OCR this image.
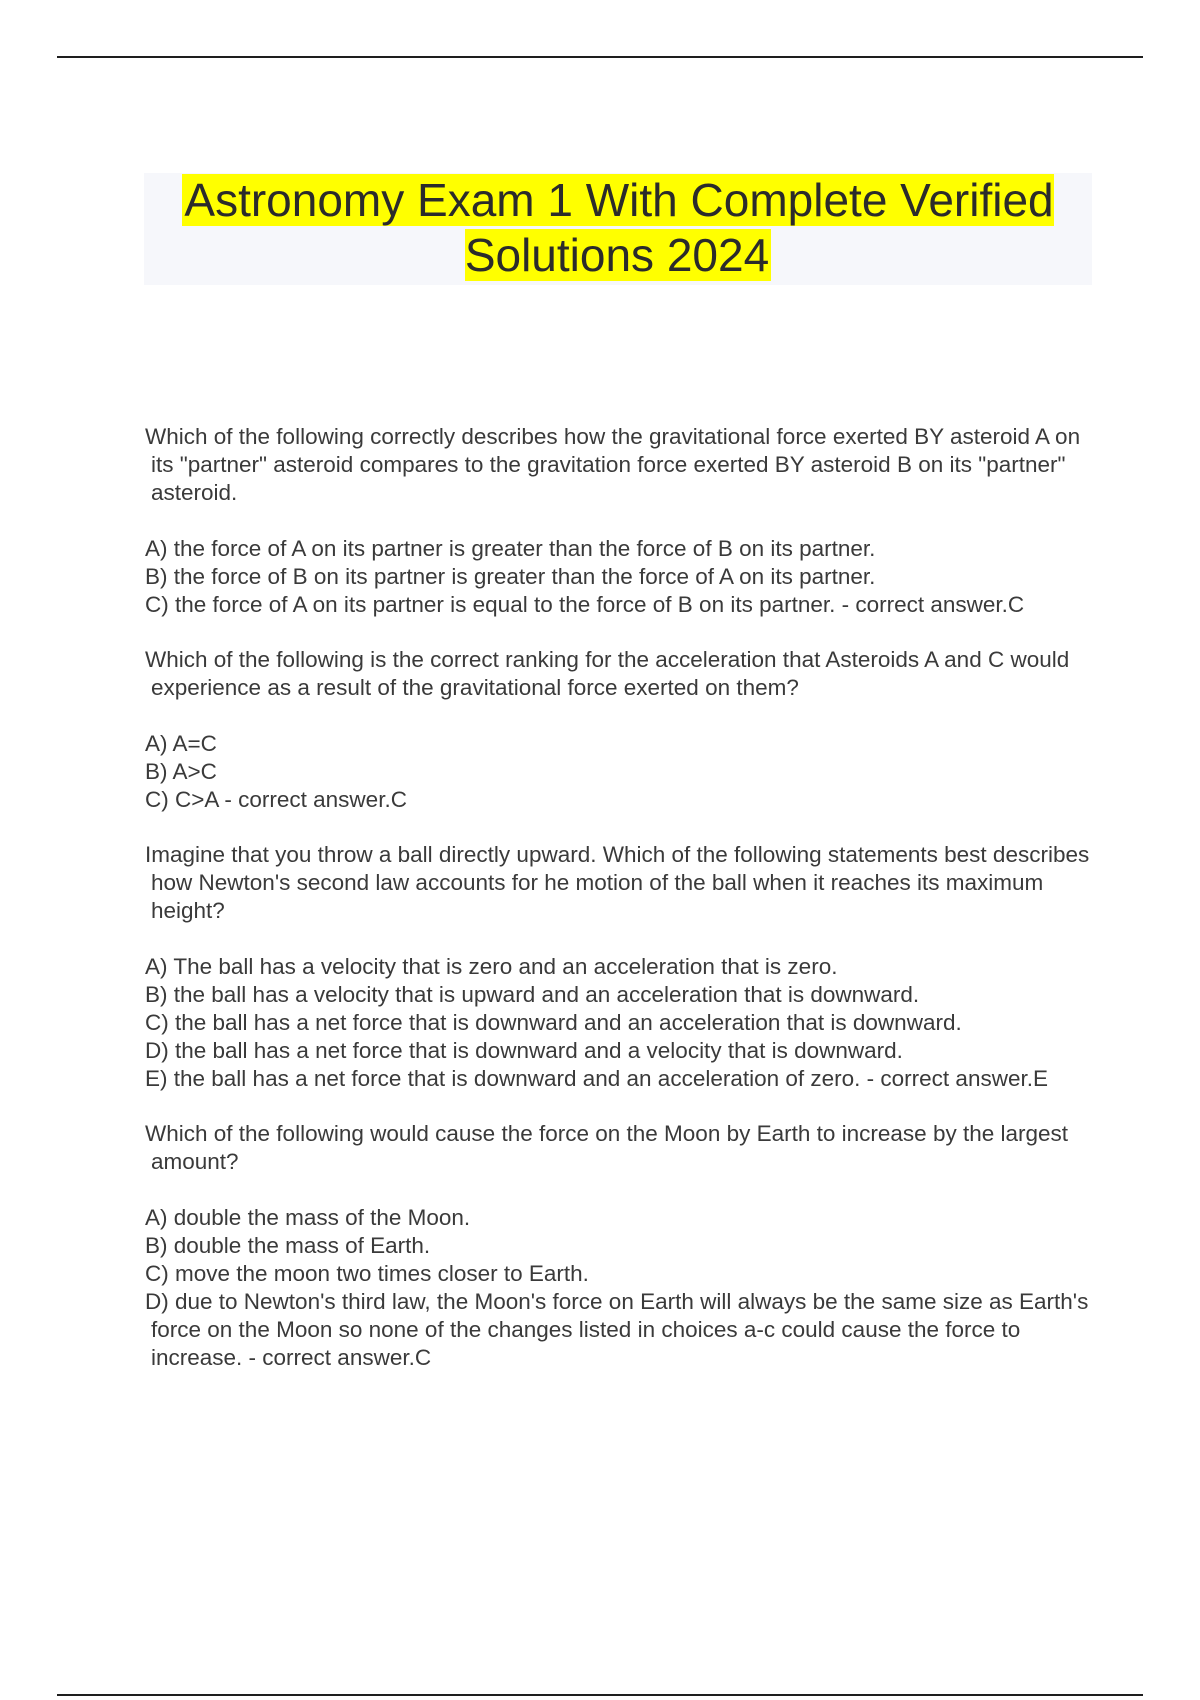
Astronomy Exam 1 With Complete Verified Solutions 2024

Which of the following correctly describes how the gravitational force exerted BY asteroid A on its "partner" asteroid compares to the gravitation force exerted BY asteroid B on its "partner" asteroid.

A) the force of A on its partner is greater than the force of B on its partner.
B) the force of B on its partner is greater than the force of A on its partner.
C) the force of A on its partner is equal to the force of B on its partner. - correct answer.C

Which of the following is the correct ranking for the acceleration that Asteroids A and C would experience as a result of the gravitational force exerted on them?

A) A=C
B) A>C
C) C>A - correct answer.C

Imagine that you throw a ball directly upward. Which of the following statements best describes how Newton's second law accounts for he motion of the ball when it reaches its maximum height?

A) The ball has a velocity that is zero and an acceleration that is zero.
B) the ball has a velocity that is upward and an acceleration that is downward.
C) the ball has a net force that is downward and an acceleration that is downward.
D) the ball has a net force that is downward and a velocity that is downward.
E) the ball has a net force that is downward and an acceleration of zero. - correct answer.E

Which of the following would cause the force on the Moon by Earth to increase by the largest amount?

A) double the mass of the Moon.
B) double the mass of Earth.
C) move the moon two times closer to Earth.
D) due to Newton's third law, the Moon's force on Earth will always be the same size as Earth's force on the Moon so none of the changes listed in choices a-c could cause the force to increase. - correct answer.C
